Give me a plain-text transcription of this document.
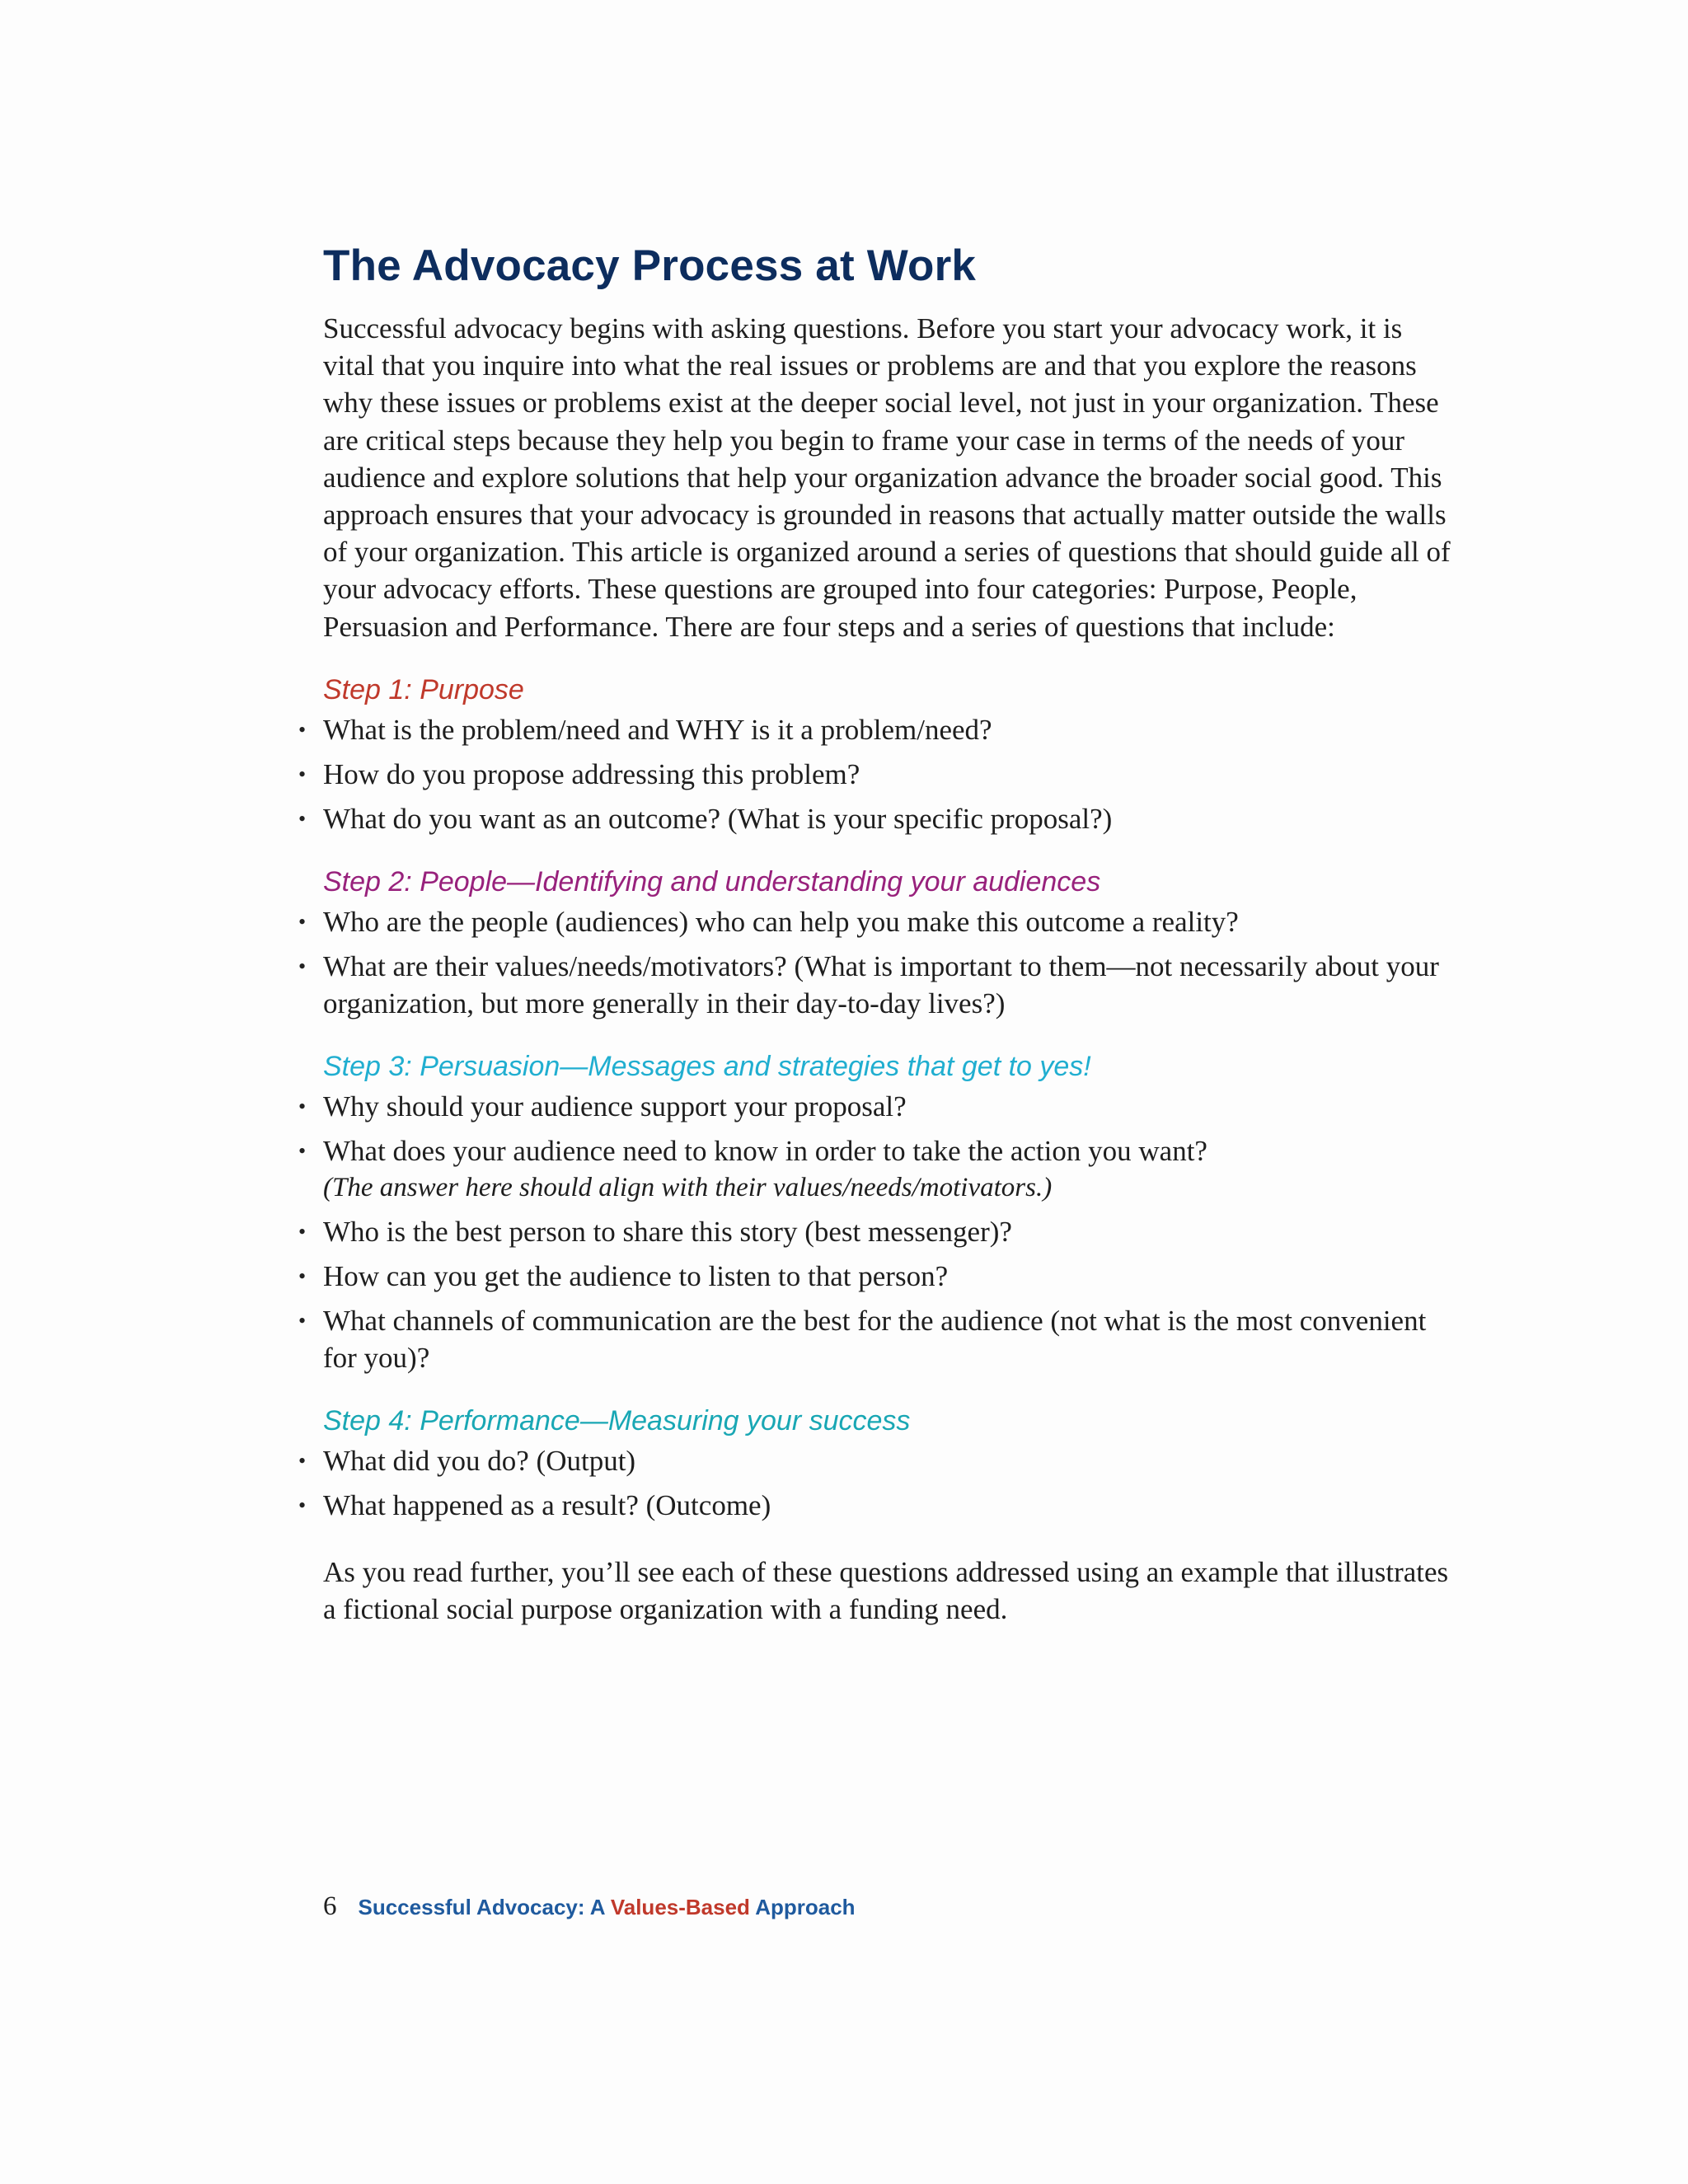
The Advocacy Process at Work

Successful advocacy begins with asking questions. Before you start your advocacy work, it is vital that you inquire into what the real issues or problems are and that you explore the reasons why these issues or problems exist at the deeper social level, not just in your organization. These are critical steps because they help you begin to frame your case in terms of the needs of your audience and explore solutions that help your organization advance the broader social good. This approach ensures that your advocacy is grounded in reasons that actually matter outside the walls of your organization. This article is organized around a series of questions that should guide all of your advocacy efforts. These questions are grouped into four categories: Purpose, People, Persuasion and Performance. There are four steps and a series of questions that include:

Step 1: Purpose
• What is the problem/need and WHY is it a problem/need?
• How do you propose addressing this problem?
• What do you want as an outcome? (What is your specific proposal?)
Step 2: People—Identifying and understanding your audiences
• Who are the people (audiences) who can help you make this outcome a reality?
• What are their values/needs/motivators? (What is important to them—not necessarily about your organization, but more generally in their day-to-day lives?)
Step 3: Persuasion—Messages and strategies that get to yes!
• Why should your audience support your proposal?
• What does your audience need to know in order to take the action you want?
(The answer here should align with their values/needs/motivators.)
• Who is the best person to share this story (best messenger)?
• How can you get the audience to listen to that person?
• What channels of communication are the best for the audience (not what is the most convenient for you)?
Step 4: Performance—Measuring your success
• What did you do? (Output)
• What happened as a result? (Outcome)

As you read further, you’ll see each of these questions addressed using an example that illustrates a fictional social purpose organization with a funding need.

6 Successful Advocacy: A Values-Based Approach
